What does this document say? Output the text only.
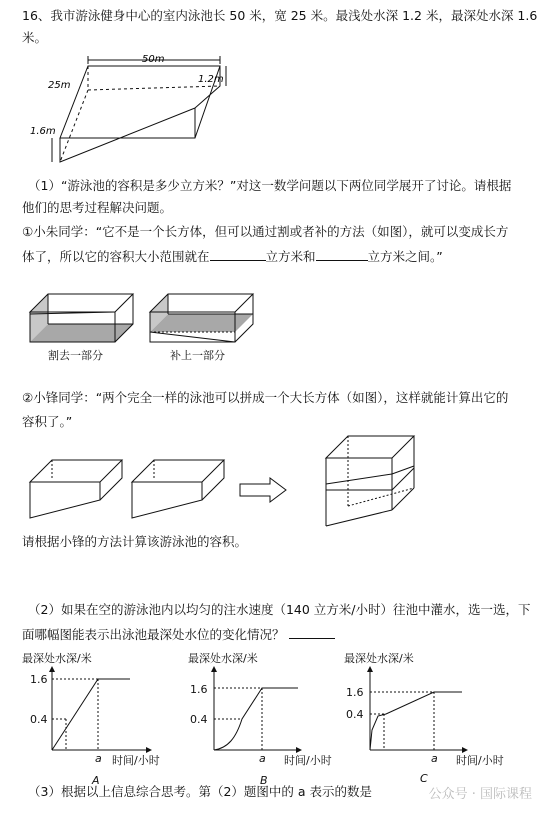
16、我市游泳健身中心的室内泳池长 50 米，宽 25 米。最浅处水深 1.2 米，最深处水深 1.6
米。
50m
25m
1.2m
1.6m
（1）“游泳池的容积是多少立方米？”对这一数学问题以下两位同学展开了讨论。请根据
他们的思考过程解决问题。
①小朱同学：“它不是一个长方体，但可以通过割或者补的方法（如图），就可以变成长方
体了，所以它的容积大小范围就在	立方米和	立方米之间。”
割去一部分	补上一部分
②小锋同学：“两个完全一样的泳池可以拼成一个大长方体（如图），这样就能计算出它的
容积了。”
请根据小锋的方法计算该游泳池的容积。
（2）如果在空的游泳池内以均匀的注水速度（140 立方米/小时）往池中灌水，选一选，下
面哪幅图能表示出泳池最深处水位的变化情况？
最深处水深/米
1.6
0.4
a 时间/小时
A
最深处水深/米
1.6
0.4
a 时间/小时
B
最深处水深/米
1.6
0.4
a 时间/小时
C
（3）根据以上信息综合思考。第（2）题图中的 a 表示的数是	公众号 · 国际课程
